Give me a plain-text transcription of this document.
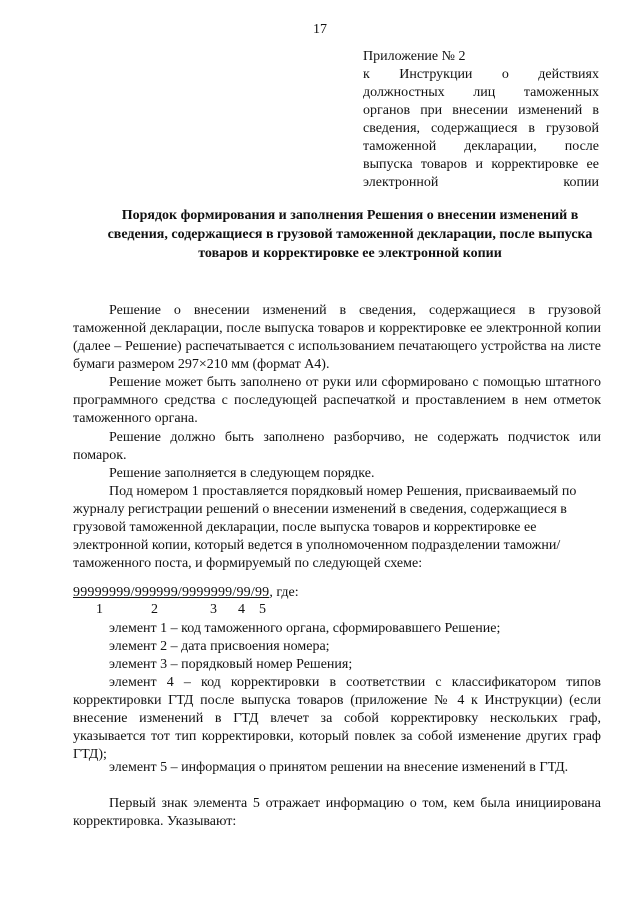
17
Приложение № 2
к Инструкции о действиях должностных лиц таможенных органов при внесении изменений в сведения, содержащиеся в грузовой таможенной декларации, после выпуска товаров и корректировке ее электронной копии
Порядок формирования и заполнения Решения о внесении изменений в сведения, содержащиеся в грузовой таможенной декларации, после выпуска товаров и корректировке ее электронной копии

Решение о внесении изменений в сведения, содержащиеся в грузовой таможенной декларации, после выпуска товаров и корректировке ее электронной копии (далее – Решение) распечатывается с использованием печатающего устройства на листе бумаги размером 297×210 мм (формат А4).

Решение может быть заполнено от руки или сформировано с помощью штатного программного средства с последующей распечаткой и проставлением в нем отметок таможенного органа.

Решение должно быть заполнено разборчиво, не содержать подчисток или помарок.

Решение заполняется в следующем порядке.

Под номером 1 проставляется порядковый номер Решения, присваиваемый по журналу регистрации решений о внесении изменений в сведения, содержащиеся в грузовой таможенной декларации, после выпуска товаров и корректировке ее электронной копии, который ведется в уполномоченном подразделении таможни/таможенного поста, и формируемый по следующей схеме:

99999999/999999/9999999/99/99, где:
1	2	3 4 5

элемент 1 – код таможенного органа, сформировавшего Решение;

элемент 2 – дата присвоения номера;

элемент 3 – порядковый номер Решения;

элемент 4 – код корректировки в соответствии с классификатором типов корректировки ГТД после выпуска товаров (приложение № 4 к Инструкции) (если внесение изменений в ГТД влечет за собой корректировку нескольких граф, указывается тот тип корректировки, который повлек за собой изменение других граф ГТД);

элемент 5 – информация о принятом решении на внесение изменений в ГТД.

Первый знак элемента 5 отражает информацию о том, кем была инициирована корректировка. Указывают:
